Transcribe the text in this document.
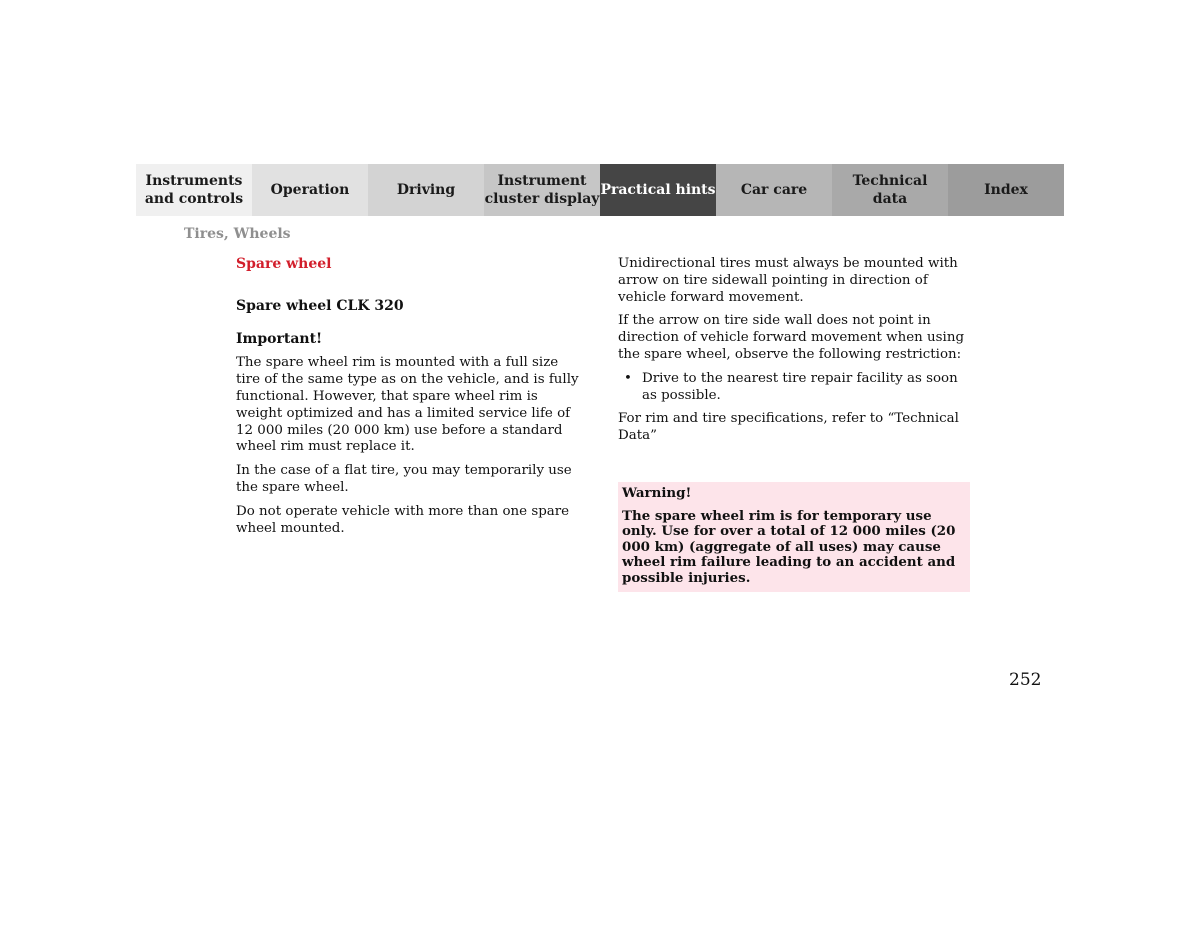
Instruments
and controls
Operation	Driving
Instrument
cluster display
Practical hints	Car care
Technical
data
Index
Tires, Wheels
Spare wheel
Spare wheel CLK 320
Important!

The spare wheel rim is mounted with a full size tire of the same type as on the vehicle, and is fully functional. However, that spare wheel rim is weight optimized and has a limited service life of 12 000 miles (20 000 km) use before a standard wheel rim must replace it.

In the case of a flat tire, you may temporarily use the spare wheel.

Do not operate vehicle with more than one spare wheel mounted.

Unidirectional tires must always be mounted with arrow on tire sidewall pointing in direction of vehicle forward movement.

If the arrow on tire side wall does not point in direction of vehicle forward movement when using the spare wheel, observe the following restriction:

• Drive to the nearest tire repair facility as soon as possible.

For rim and tire specifications, refer to “Technical Data”

Warning!

The spare wheel rim is for temporary use only. Use for over a total of 12 000 miles (20 000 km) (aggregate of all uses) may cause wheel rim failure leading to an accident and possible injuries.

252
